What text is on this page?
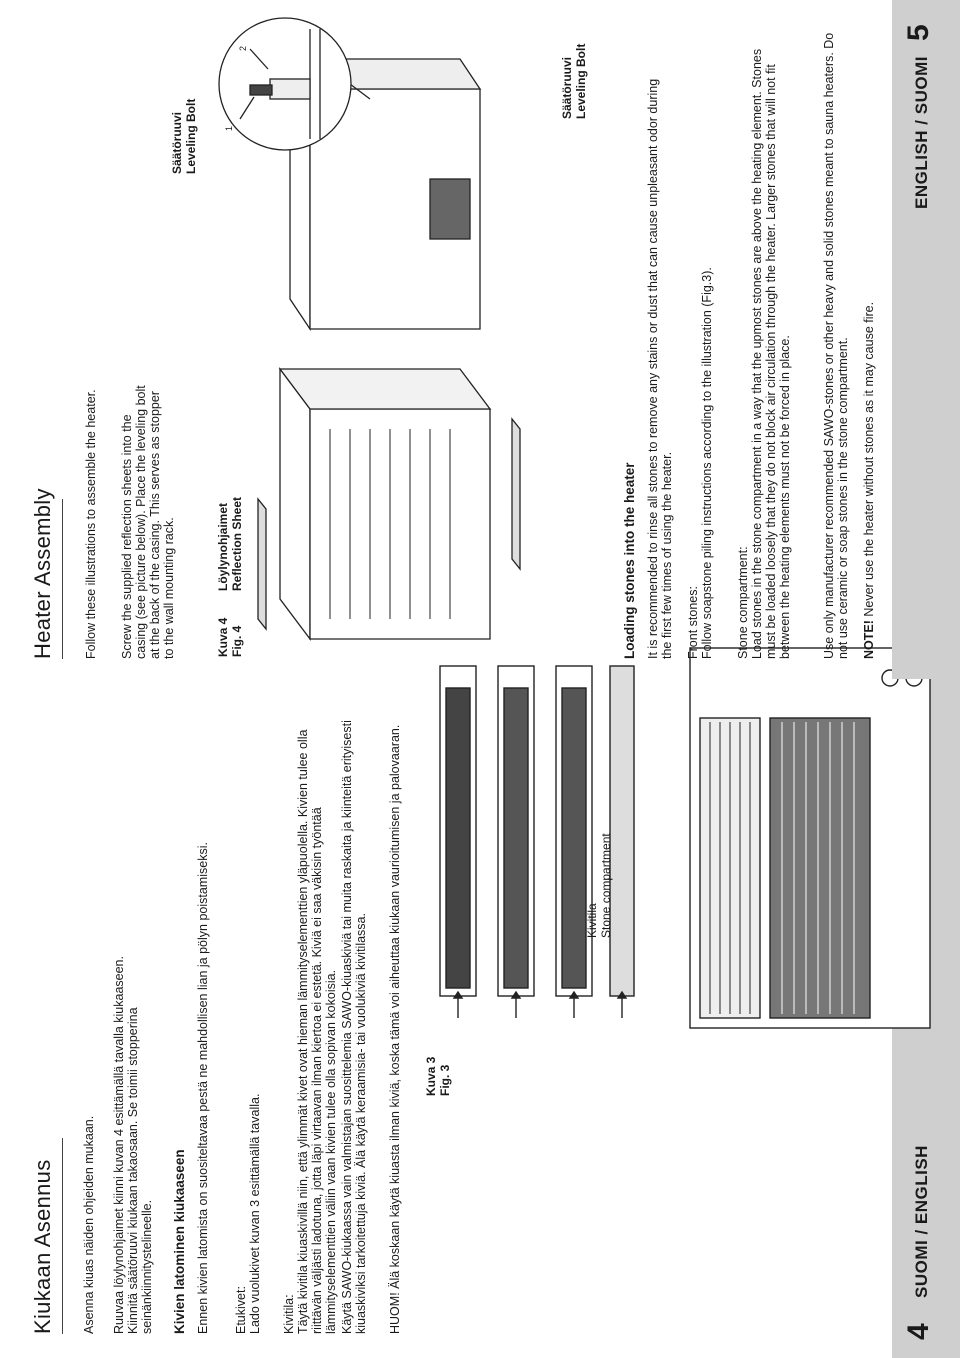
4
SUOMI / ENGLISH
Kiukaan Asennus Asenna kiuas näiden ohjeiden mukaan. Ruuvaa löylynohjaimet kiinni kuvan 4 esittämällä tavalla kiukaaseen. Kiinnitä säätöruuvi kiukaan takaosaan. Se toimii stopperina seinänkiinnitystelineelle. Kivien latominen kiukaaseen Ennen kivien latomista on suositeltavaa pestä ne mahdollisen lian ja pölyn poistamiseksi. Etukivet: Lado vuolukivet kuvan 3 esittämällä tavalla. Kivitila: Täytä kivitila kiuaskivillä niin, että ylimmät kivet ovat hieman lämmityselementtien yläpuolella. Kivien tulee olla riittävän väljästi ladotuna, jotta läpi virtaavan ilman kiertoa ei estetä. Kiviä ei saa väkisin työntää lämmityselementtien väliin vaan kivien tulee olla sopivan kokoisia. Käytä SAWO-kiukaassa vain valmistajan suosittelemia SAWO-kiuaskiviä tai muita raskaita ja kiinteitä erityisesti kiuaskiviksi tarkoitettuja kiviä. Älä käytä keraamisia- tai vuolukiviä kivitilassa. HUOM! Älä koskaan käytä kiuasta ilman kiviä, koska tämä voi aiheuttaa kiukaan vaurioitumisen ja palovaaran. Kuva 3
Fig. 3
Kivitila
Stone compartment
ENGLISH / SUOMI
5
Heater Assembly Follow these illustrations to assemble the heater. Screw the supplied reflection sheets into the casing (see picture below). Place the leveling bolt at the back of the casing. This serves as stopper to the wall mounting rack.	Kuva 4
Fig. 4
Löylynohjaimet
Reflection Sheet
Säätöruuvi
Leveling Bolt	1
2
Säätöruuvi
Leveling Bolt
Loading stones into the heater It is recommended to rinse all stones to remove any stains or dust that can cause unpleasant odor during the first few times of using the heater. Front stones: Follow soapstone piling instructions according to the illustration (Fig.3). Stone compartment: Load stones in the stone compartment in a way that the upmost stones are above the heating element. Stones must be loaded loosely that they do not block air circulation through the heater. Larger stones that will not fit between the heating elements must not be forced in place. Use only manufacturer recommended SAWO-stones or other heavy and solid stones meant to sauna heaters. Do not use ceramic or soap stones in the stone compartment. NOTE! Never use the heater without stones as it may cause fire.
